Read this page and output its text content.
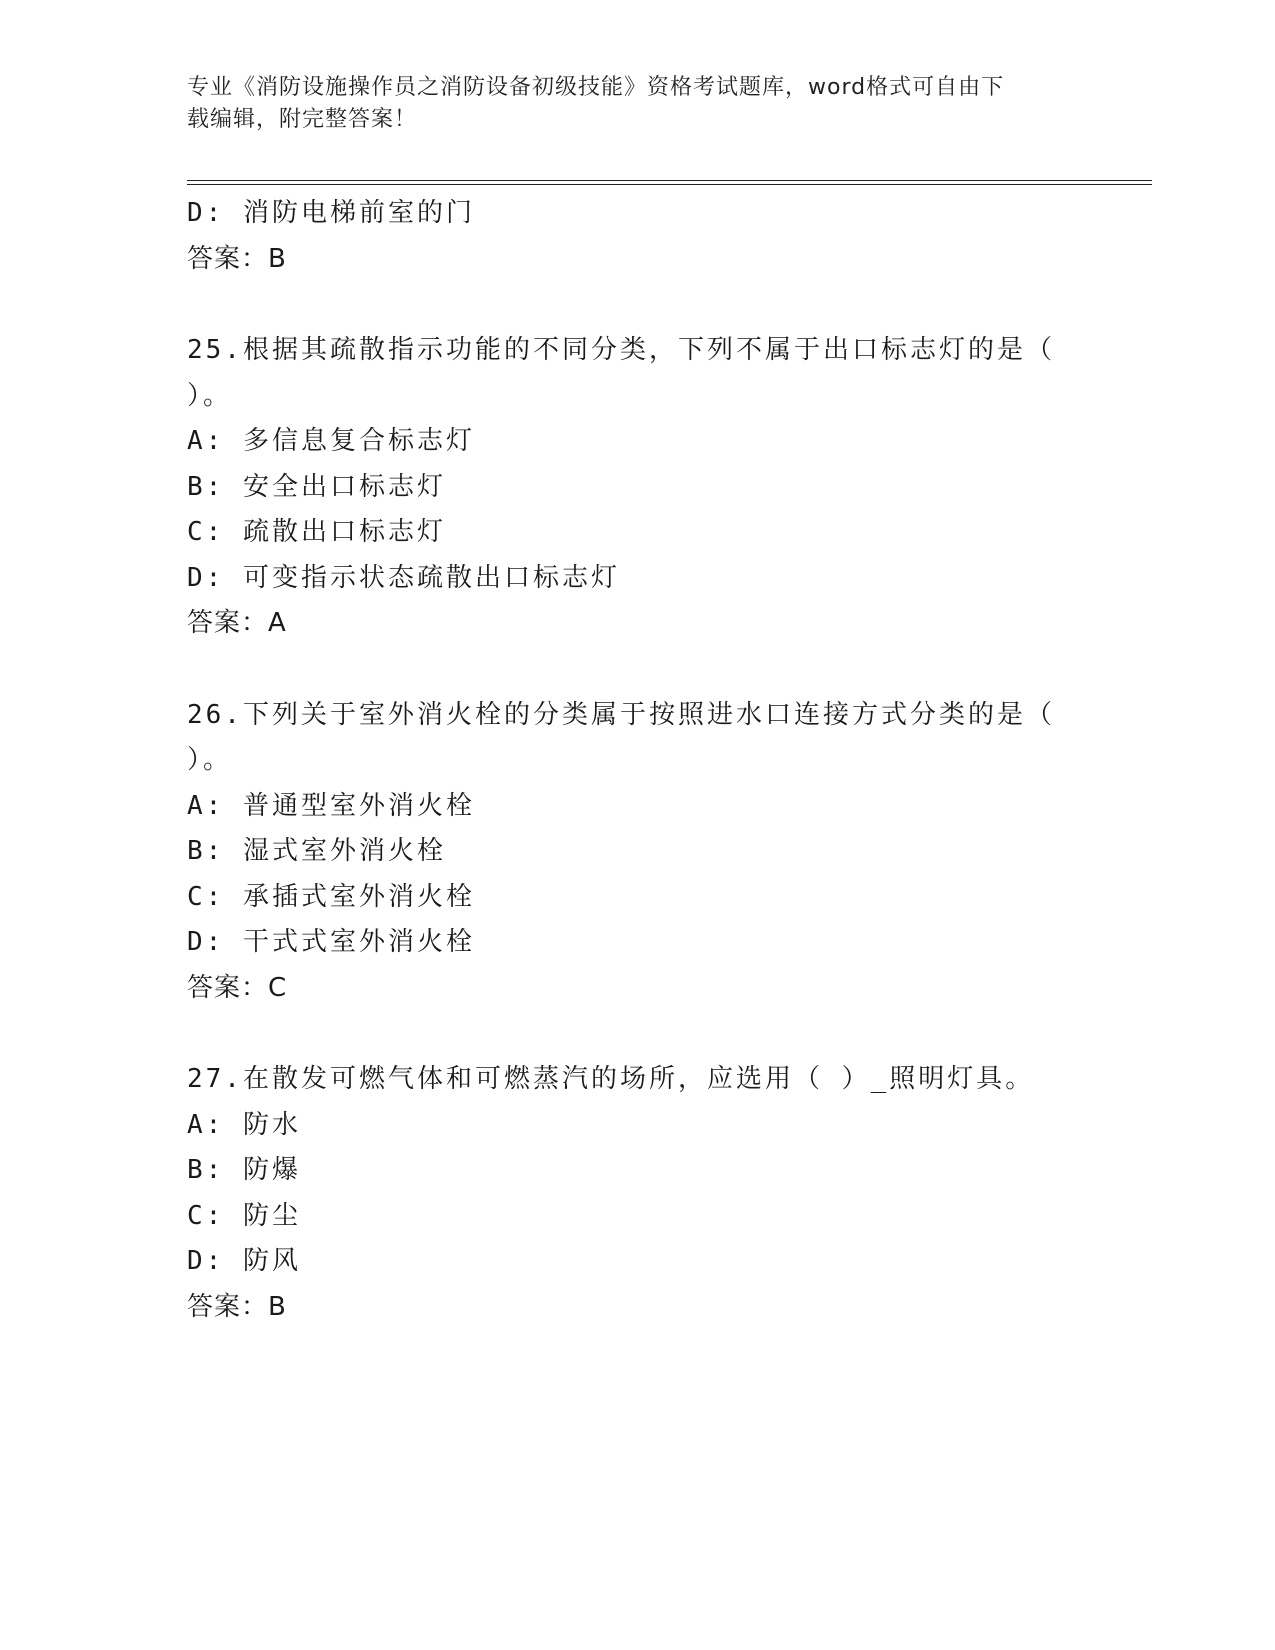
专业《消防设施操作员之消防设备初级技能》资格考试题库，word格式可自由下
载编辑，附完整答案！
D: 消防电梯前室的门
答案：B
25.根据其疏散指示功能的不同分类，下列不属于出口标志灯的是（
）。
A: 多信息复合标志灯
B: 安全出口标志灯
C: 疏散出口标志灯
D: 可变指示状态疏散出口标志灯
答案：A
26.下列关于室外消火栓的分类属于按照进水口连接方式分类的是（
）。
A: 普通型室外消火栓
B: 湿式室外消火栓
C: 承插式室外消火栓
D: 干式式室外消火栓
答案：C
27.在散发可燃气体和可燃蒸汽的场所，应选用（ ）_照明灯具。
A: 防水
B: 防爆
C: 防尘
D: 防风
答案：B
